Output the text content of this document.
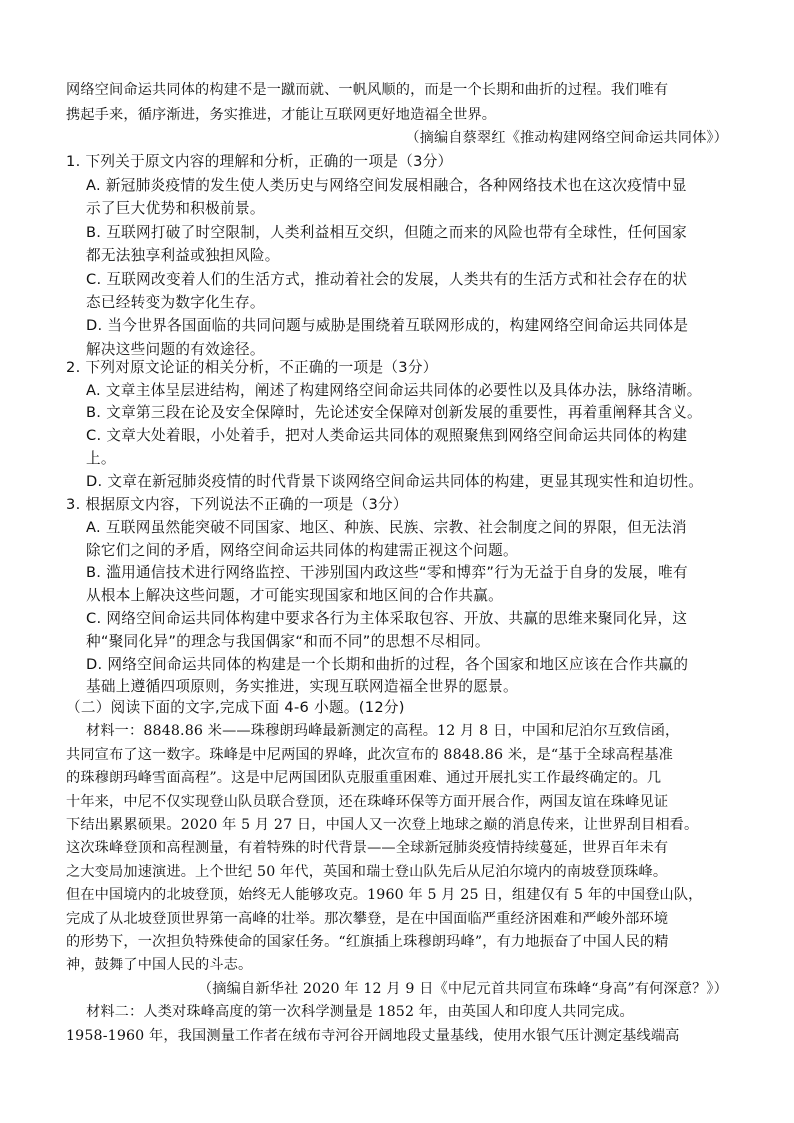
网络空间命运共同体的构建不是一蹴而就、一帆风顺的，而是一个长期和曲折的过程。我们唯有
携起手来，循序渐进，务实推进，才能让互联网更好地造福全世界。
（摘编自蔡翠红《推动构建网络空间命运共同体》）
1. 下列关于原文内容的理解和分析，正确的一项是（3分）
A. 新冠肺炎疫情的发生使人类历史与网络空间发展相融合，各种网络技术也在这次疫情中显
示了巨大优势和积极前景。
B. 互联网打破了时空限制，人类利益相互交织，但随之而来的风险也带有全球性，任何国家
都无法独享利益或独担风险。
C. 互联网改变着人们的生活方式，推动着社会的发展，人类共有的生活方式和社会存在的状
态已经转变为数字化生存。
D. 当今世界各国面临的共同问题与威胁是围绕着互联网形成的，构建网络空间命运共同体是
解决这些问题的有效途径。
2. 下列对原文论证的相关分析，不正确的一项是（3分）
A. 文章主体呈层进结构，阐述了构建网络空间命运共同体的必要性以及具体办法，脉络清晰。
B. 文章第三段在论及安全保障时，先论述安全保障对创新发展的重要性，再着重阐释其含义。
C. 文章大处着眼，小处着手，把对人类命运共同体的观照聚焦到网络空间命运共同体的构建
上。
D. 文章在新冠肺炎疫情的时代背景下谈网络空间命运共同体的构建，更显其现实性和迫切性。
3. 根据原文内容，下列说法不正确的一项是（3分）
A. 互联网虽然能突破不同国家、地区、种族、民族、宗教、社会制度之间的界限，但无法消
除它们之间的矛盾，网络空间命运共同体的构建需正视这个问题。
B. 滥用通信技术进行网络监控、干涉别国内政这些“零和博弈”行为无益于自身的发展，唯有
从根本上解决这些问题，才可能实现国家和地区间的合作共赢。
C. 网络空间命运共同体构建中要求各行为主体采取包容、开放、共赢的思维来聚同化异，这
种“聚同化异”的理念与我国偶家“和而不同”的思想不尽相同。
D. 网络空间命运共同体的构建是一个长期和曲折的过程，各个国家和地区应该在合作共赢的
基础上遵循四项原则，务实推进，实现互联网造福全世界的愿景。
（二）阅读下面的文字,完成下面 4-6 小题。(12分)
材料一：8848.86 米——珠穆朗玛峰最新测定的高程。12 月 8 日，中国和尼泊尔互致信函，
共同宣布了这一数字。珠峰是中尼两国的界峰，此次宣布的 8848.86 米，是“基于全球高程基准
的珠穆朗玛峰雪面高程”。这是中尼两国团队克服重重困难、通过开展扎实工作最终确定的。几
十年来，中尼不仅实现登山队员联合登顶，还在珠峰环保等方面开展合作，两国友谊在珠峰见证
下结出累累硕果。2020 年 5 月 27 日，中国人又一次登上地球之巅的消息传来，让世界刮目相看。
这次珠峰登顶和高程测量，有着特殊的时代背景——全球新冠肺炎疫情持续蔓延，世界百年未有
之大变局加速演进。上个世纪 50 年代，英国和瑞士登山队先后从尼泊尔境内的南坡登顶珠峰。
但在中国境内的北坡登顶，始终无人能够攻克。1960 年 5 月 25 日，组建仅有 5 年的中国登山队，
完成了从北坡登顶世界第一高峰的壮举。那次攀登，是在中国面临严重经济困难和严峻外部环境
的形势下，一次担负特殊使命的国家任务。“红旗插上珠穆朗玛峰”，有力地振奋了中国人民的精
神，鼓舞了中国人民的斗志。
（摘编自新华社 2020 年 12 月 9 日《中尼元首共同宣布珠峰“身高”有何深意？》）
材料二：人类对珠峰高度的第一次科学测量是 1852 年，由英国人和印度人共同完成。
1958-1960 年，我国测量工作者在绒布寺河谷开阔地段丈量基线，使用水银气压计测定基线端高
